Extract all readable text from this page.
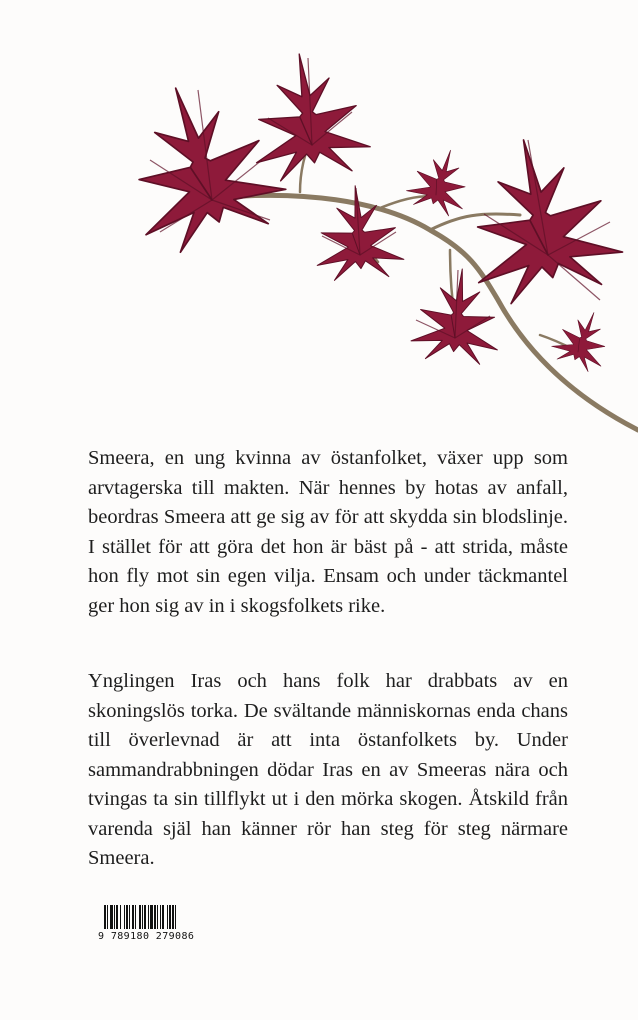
Smeera, en ung kvinna av östanfolket, växer upp som arvtagerska till makten. När hennes by hotas av anfall, beordras Smeera att ge sig av för att skydda sin blodslinje. I stället för att göra det hon är bäst på - att strida, måste hon fly mot sin egen vilja. Ensam och under täckmantel ger hon sig av in i skogsfolkets rike.

Ynglingen Iras och hans folk har drabbats av en skoningslös torka. De svältande människornas enda chans till överlevnad är att inta östanfolkets by. Under sammandrabbningen dödar Iras en av Smeeras nära och tvingas ta sin tillflykt ut i den mörka skogen. Åtskild från varenda själ han känner rör han steg för steg närmare Smeera.

9 789180 279086
